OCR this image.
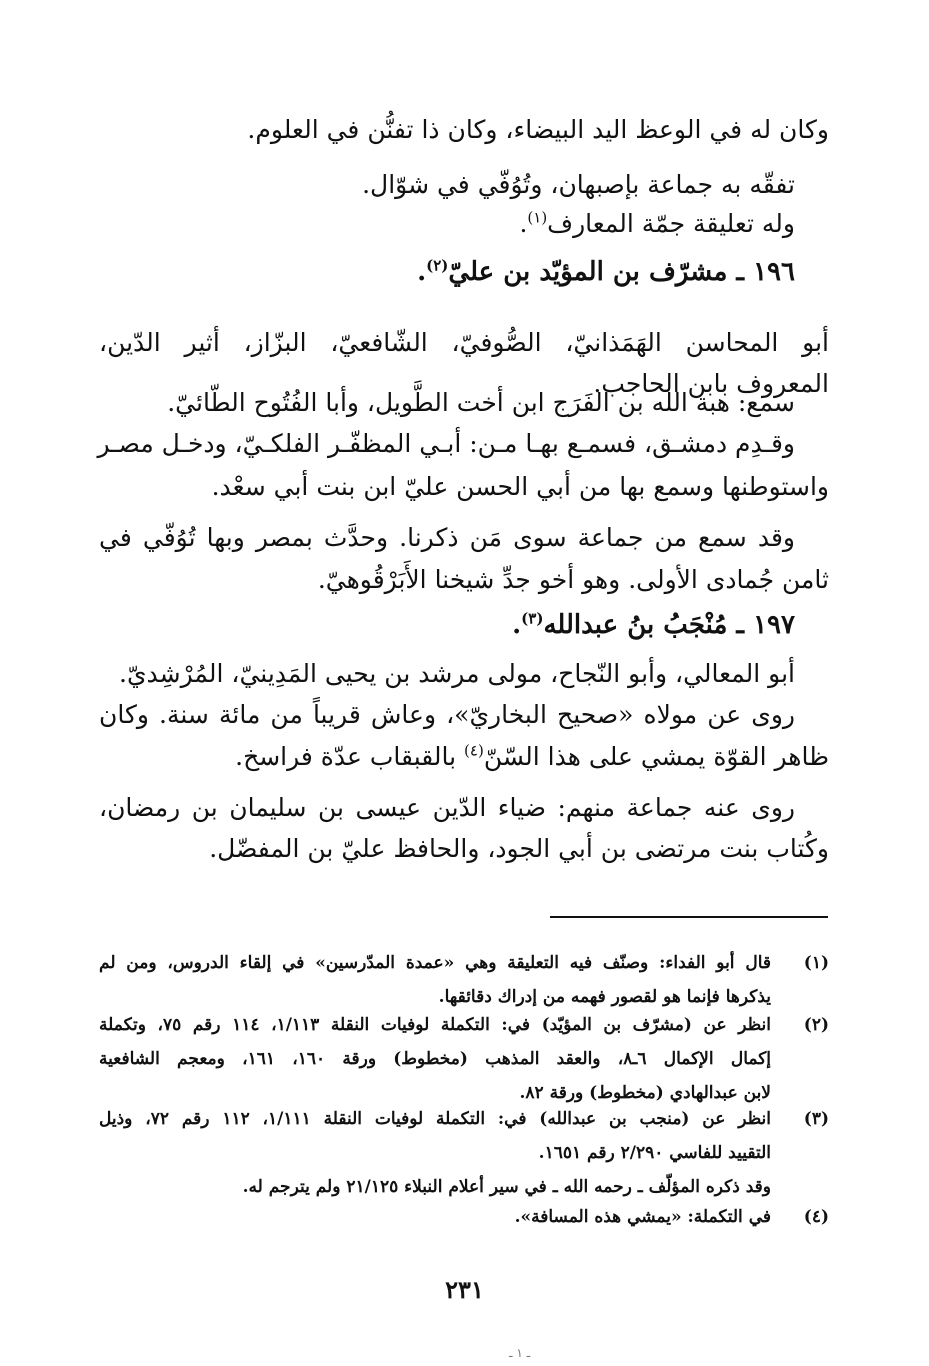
وكان له في الوعظ اليد البيضاء، وكان ذا تفنُّن في العلوم.
تفقّه به جماعة بإصبهان، وتُوُفّي في شوّال.
وله تعليقة جمّة المعارف$^{(١)}$.
١٩٦ ـ مشرّف بن المؤيّد بن عليّ$^{(٢)}$.
أبو المحاسن الهَمَذانيّ، الصُّوفيّ، الشّافعيّ، البزّاز، أثير الدّين،
المعروف بابن الحاجب.
سمع: هبة الله بن الفَرَج ابن أخت الطَّويل، وأبا الفُتُوح الطّائيّ.
وقـدِم دمشـق، فسمـع بهـا مـن: أبـي المظفّـر الفلكـيّ، ودخـل مصـر
واستوطنها وسمع بها من أبي الحسن عليّ ابن بنت أبي سعْد.
وقد سمع من جماعة سوى مَن ذكرنا. وحدَّث بمصر وبها تُوُفّي في
ثامن جُمادى الأولى. وهو أخو جدِّ شيخنا الأَبَرْقُوهيّ.
١٩٧ ـ مُنْجَبُ بنُ عبدالله$^{(٣)}$.
أبو المعالي، وأبو النّجاح، مولى مرشد بن يحيى المَدِينيّ، المُرْشِديّ.
روى عن مولاه «صحيح البخاريّ»، وعاش قريباً من مائة سنة. وكان
ظاهر القوّة يمشي على هذا السّنّ$^{(٤)}$ بالقبقاب عدّة فراسخ.
روى عنه جماعة منهم: ضياء الدّين عيسى بن سليمان بن رمضان،
وكُتاب بنت مرتضى بن أبي الجود، والحافظ عليّ بن المفضّل.
(١)
قال أبو الفداء: وصنّف فيه التعليقة وهي «عمدة المدّرسين» في إلقاء الدروس، ومن لم
يذكرها فإنما هو لقصور فهمه من إدراك دقائقها.
(٢)
انظر عن (مشرّف بن المؤيّد) في: التكملة لوفيات النقلة ١/١١٣، ١١٤ رقم ٧٥، وتكملة
إكمال الإكمال ٦ـ٨، والعقد المذهب (مخطوط) ورقة ١٦٠، ١٦١، ومعجم الشافعية
لابن عبدالهادي (مخطوط) ورقة ٨٢.
(٣)
انظر عن (منجب بن عبدالله) في: التكملة لوفيات النقلة ١/١١١، ١١٢ رقم ٧٢، وذيل
التقييد للفاسي ٢/٢٩٠ رقم ١٦٥١.
وقد ذكره المؤلّف ـ رحمه الله ـ في سير أعلام النبلاء ٢١/١٢٥ ولم يترجم له.
(٤)
في التكملة: «يمشي هذه المسافة».
٢٣١
ـ ١ ـ
